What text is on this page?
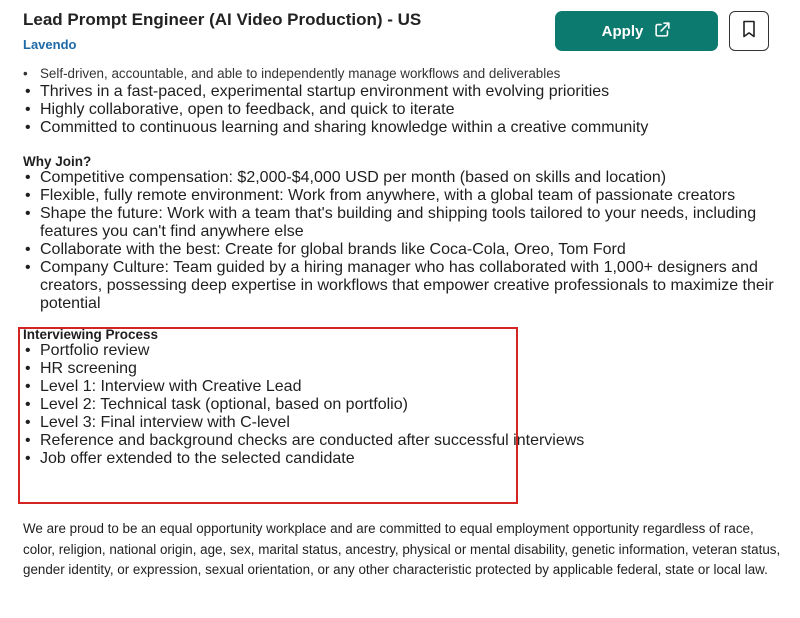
• Self-driven, accountable, and able to independently manage workflows and deliverables
Lead Prompt Engineer (AI Video Production) - US
Lavendo
Apply
• Thrives in a fast-paced, experimental startup environment with evolving priorities
• Highly collaborative, open to feedback, and quick to iterate
• Committed to continuous learning and sharing knowledge within a creative community
Why Join?
• Competitive compensation: $2,000-$4,000 USD per month (based on skills and location)
• Flexible, fully remote environment: Work from anywhere, with a global team of passionate creators
• Shape the future: Work with a team that's building and shipping tools tailored to your needs, including features you can't find anywhere else
• Collaborate with the best: Create for global brands like Coca-Cola, Oreo, Tom Ford
• Company Culture: Team guided by a hiring manager who has collaborated with 1,000+ designers and creators, possessing deep expertise in workflows that empower creative professionals to maximize their potential
Interviewing Process
• Portfolio review
• HR screening
• Level 1: Interview with Creative Lead
• Level 2: Technical task (optional, based on portfolio)
• Level 3: Final interview with C-level
• Reference and background checks are conducted after successful interviews
• Job offer extended to the selected candidate

We are proud to be an equal opportunity workplace and are committed to equal employment opportunity regardless of race, color, religion, national origin, age, sex, marital status, ancestry, physical or mental disability, genetic information, veteran status, gender identity, or expression, sexual orientation, or any other characteristic protected by applicable federal, state or local law.
